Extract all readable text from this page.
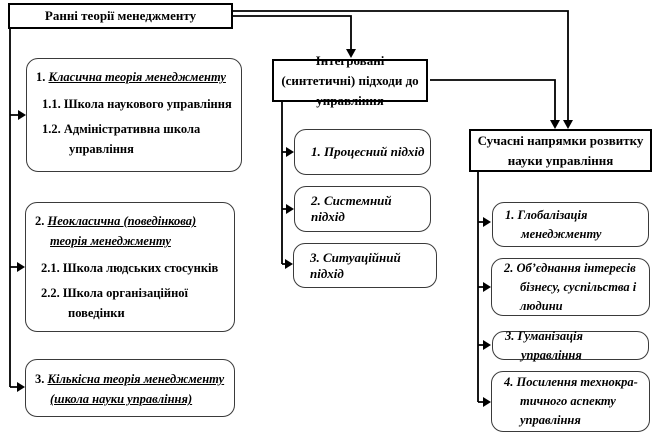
Ранні теорії менеджменту
1. Класична теорія менеджменту
1.1. Школа наукового управління
1.2. Адміністративна школа управління
2. Неокласична (поведінкова) теорія менеджменту
2.1. Школа людських стосунків
2.2. Школа організаційної поведінки
3. Кількісна теорія менеджменту (школа науки управління)
Інтегровані (синтетичні) підходи до управління
1. Процесний підхід
2. Системний підхід
3. Ситуаційний підхід
Сучасні напрямки розвитку науки управління
1. Глобалізація менеджменту
2. Об’єднання інтересів бізнесу, суспільства і людини
3. Гуманізація управління
4. Посилення технокра-тичного аспекту управління
